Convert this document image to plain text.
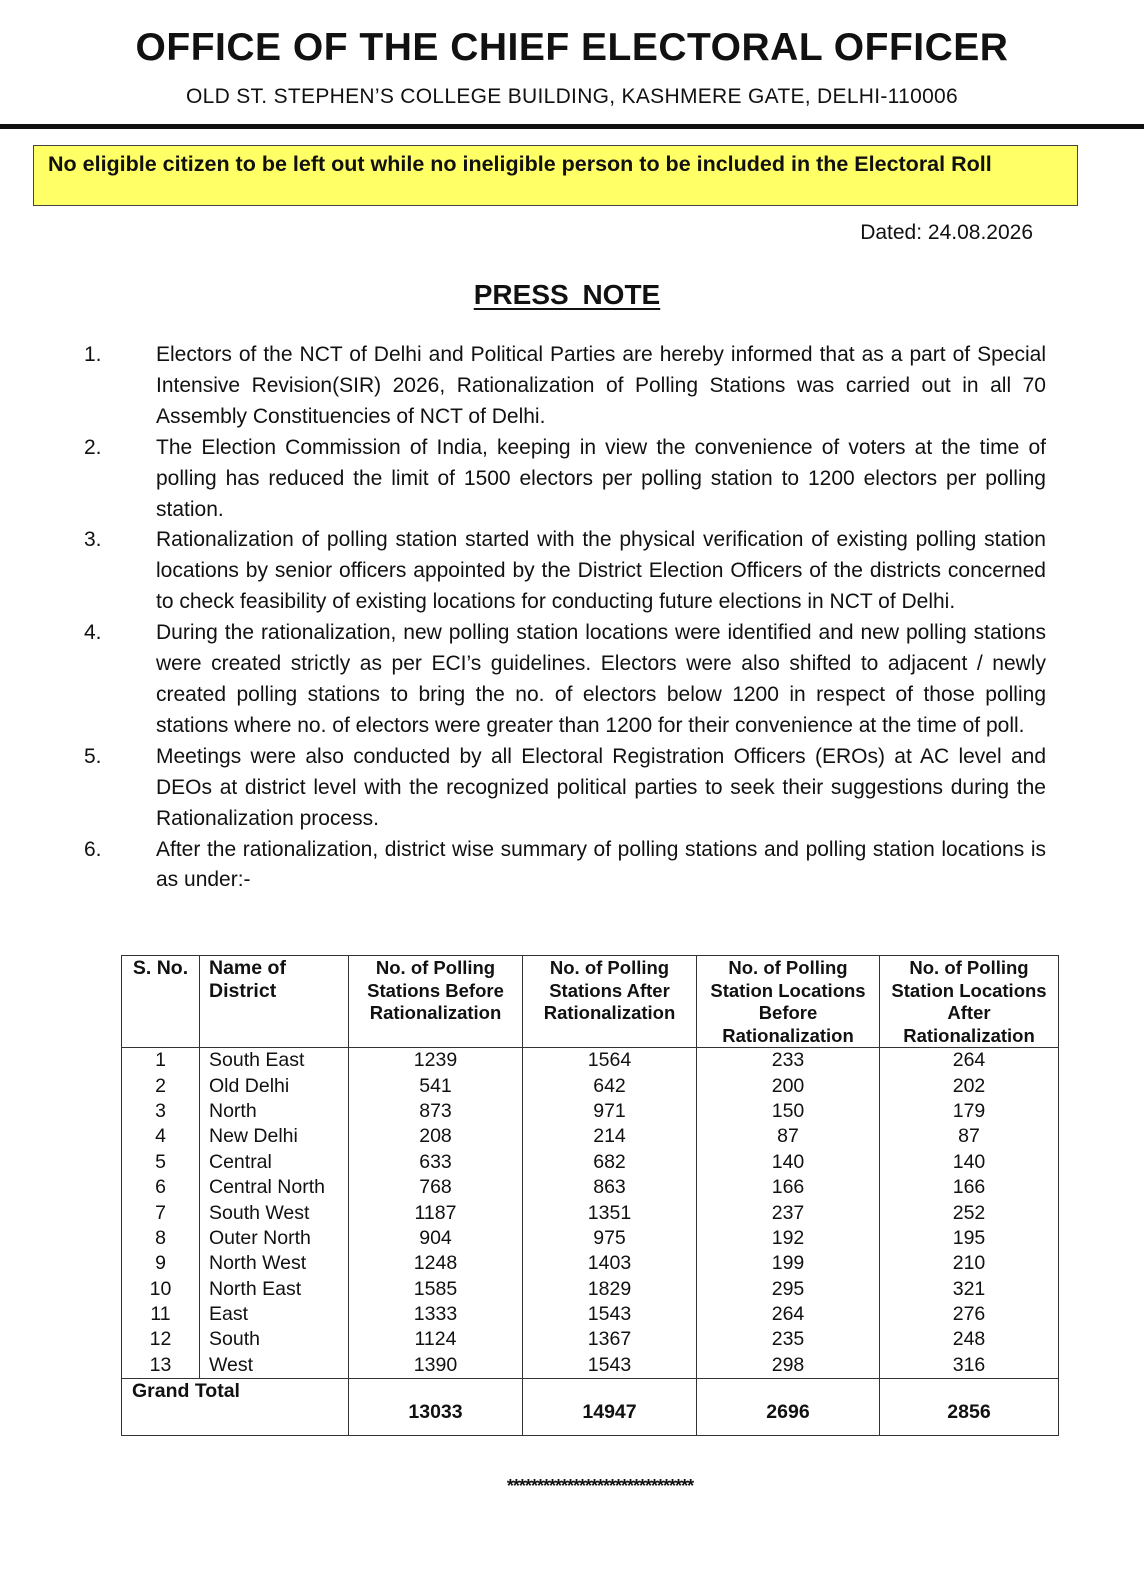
OFFICE OF THE CHIEF ELECTORAL OFFICER
OLD ST. STEPHEN’S COLLEGE BUILDING, KASHMERE GATE, DELHI-110006
No eligible citizen to be left out while no ineligible person to be included in the Electoral Roll
Dated: 24.08.2026
PRESS NOTE
1.	Electors of the NCT of Delhi and Political Parties are hereby informed that as a part of Special Intensive Revision(SIR) 2026, Rationalization of Polling Stations was carried out in all 70 Assembly Constituencies of NCT of Delhi.
2.	The Election Commission of India, keeping in view the convenience of voters at the time of polling has reduced the limit of 1500 electors per polling station to 1200 electors per polling station.
3.	Rationalization of polling station started with the physical verification of existing polling station locations by senior officers appointed by the District Election Officers of the districts concerned to check feasibility of existing locations for conducting future elections in NCT of Delhi.
4.	During the rationalization, new polling station locations were identified and new polling stations were created strictly as per ECI’s guidelines. Electors were also shifted to adjacent / newly created polling stations to bring the no. of electors below 1200 in respect of those polling stations where no. of electors were greater than 1200 for their convenience at the time of poll.
5.	Meetings were also conducted by all Electoral Registration Officers (EROs) at AC level and DEOs at district level with the recognized political parties to seek their suggestions during the Rationalization process.
6.	After the rationalization, district wise summary of polling stations and polling station locations is as under:-
S. No.	Name of District	No. of Polling Stations Before Rationalization	No. of Polling Stations After Rationalization	No. of Polling Station Locations Before Rationalization	No. of Polling Station Locations After Rationalization
1	South East	1239	1564	233	264
2	Old Delhi	541	642	200	202
3	North	873	971	150	179
4	New Delhi	208	214	87	87
5	Central	633	682	140	140
6	Central North	768	863	166	166
7	South West	1187	1351	237	252
8	Outer North	904	975	192	195
9	North West	1248	1403	199	210
10	North East	1585	1829	295	321
11	East	1333	1543	264	276
12	South	1124	1367	235	248
13	West	1390	1543	298	316
Grand Total		13033	14947	2696	2856
*******************************
